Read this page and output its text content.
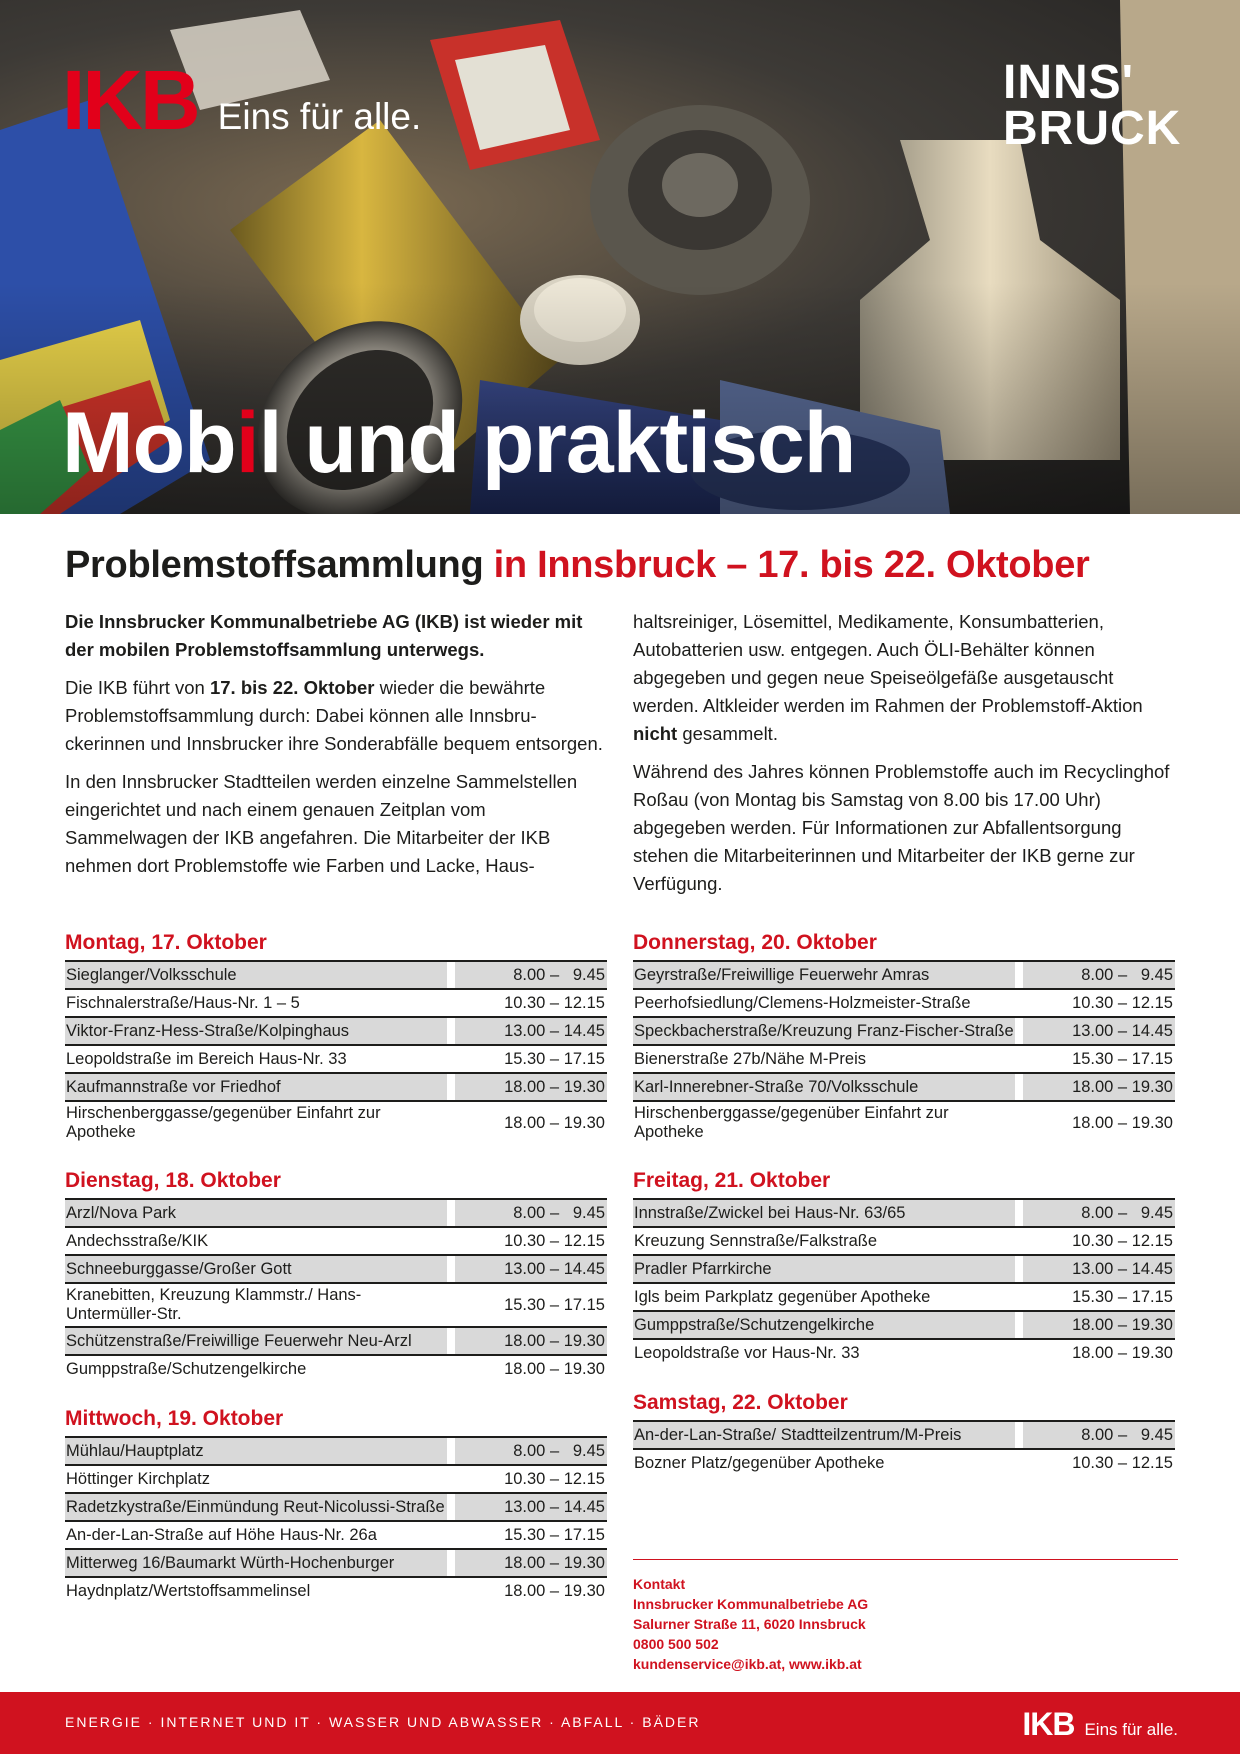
IKB Eins für alle.
INNS'
BRUCK
Mobil und praktisch
Problemstoffsammlung in Innsbruck – 17. bis 22. Oktober

Die Innsbrucker Kommunalbetriebe AG (IKB) ist wieder mit der mobilen Problemstoffsammlung unterwegs.

Die IKB führt von 17. bis 22. Oktober wieder die bewährte Problemstoffsammlung durch: Dabei können alle Innsbruckerinnen und Innsbrucker ihre Sonderabfälle bequem entsorgen.

In den Innsbrucker Stadtteilen werden einzelne Sammelstellen eingerichtet und nach einem genauen Zeitplan vom Sammelwagen der IKB angefahren. Die Mitarbeiter der IKB nehmen dort Problemstoffe wie Farben und Lacke, Haus-

haltsreiniger, Lösemittel, Medikamente, Konsumbatterien, Autobatterien usw. entgegen. Auch ÖLI-Behälter können abgegeben und gegen neue Speiseölgefäße ausgetauscht werden. Altkleider werden im Rahmen der Problemstoff-Aktion nicht gesammelt.

Während des Jahres können Problemstoffe auch im Recyclinghof Roßau (von Montag bis Samstag von 8.00 bis 17.00 Uhr) abgegeben werden. Für Informationen zur Abfallentsorgung stehen die Mitarbeiterinnen und Mitarbeiter der IKB gerne zur Verfügung.

Montag, 17. Oktober
Sieglanger/Volksschule	8.00 –   9.45
Fischnalerstraße/Haus-Nr. 1 – 5	10.30 – 12.15
Viktor-Franz-Hess-Straße/Kolpinghaus	13.00 – 14.45
Leopoldstraße im Bereich Haus-Nr. 33	15.30 – 17.15
Kaufmannstraße vor Friedhof	18.00 – 19.30
Hirschenberggasse/gegenüber Einfahrt zur Apotheke
18.00 – 19.30
Dienstag, 18. Oktober
Arzl/Nova Park	8.00 –   9.45
Andechsstraße/KIK	10.30 – 12.15
Schneeburggasse/Großer Gott	13.00 – 14.45
Kranebitten, Kreuzung Klammstr./ Hans-Untermüller-Str.
15.30 – 17.15
Schützenstraße/Freiwillige Feuerwehr Neu-Arzl	18.00 – 19.30
Gumppstraße/Schutzengelkirche	18.00 – 19.30
Mittwoch, 19. Oktober
Mühlau/Hauptplatz	8.00 –   9.45
Höttinger Kirchplatz	10.30 – 12.15
Radetzkystraße/Einmündung Reut-Nicolussi-Straße	13.00 – 14.45
An-der-Lan-Straße auf Höhe Haus-Nr. 26a	15.30 – 17.15
Mitterweg 16/Baumarkt Würth-Hochenburger	18.00 – 19.30
Haydnplatz/Wertstoffsammelinsel	18.00 – 19.30
Donnerstag, 20. Oktober
Geyrstraße/Freiwillige Feuerwehr Amras	8.00 –   9.45
Peerhofsiedlung/Clemens-Holzmeister-Straße	10.30 – 12.15
Speckbacherstraße/Kreuzung Franz-Fischer-Straße	13.00 – 14.45
Bienerstraße 27b/Nähe M-Preis	15.30 – 17.15
Karl-Innerebner-Straße 70/Volksschule	18.00 – 19.30
Hirschenberggasse/gegenüber Einfahrt zur Apotheke
18.00 – 19.30
Freitag, 21. Oktober
Innstraße/Zwickel bei Haus-Nr. 63/65	8.00 –   9.45
Kreuzung Sennstraße/Falkstraße	10.30 – 12.15
Pradler Pfarrkirche	13.00 – 14.45
Igls beim Parkplatz gegenüber Apotheke	15.30 – 17.15
Gumppstraße/Schutzengelkirche	18.00 – 19.30
Leopoldstraße vor Haus-Nr. 33	18.00 – 19.30
Samstag, 22. Oktober
An-der-Lan-Straße/ Stadtteilzentrum/M-Preis	8.00 –   9.45
Bozner Platz/gegenüber Apotheke	10.30 – 12.15
Kontakt
Innsbrucker Kommunalbetriebe AG
Salurner Straße 11, 6020 Innsbruck
0800 500 502
kundenservice@ikb.at, www.ikb.at
ENERGIE · INTERNET UND IT · WASSER UND ABWASSER · ABFALL · BÄDER	IKB Eins für alle.
